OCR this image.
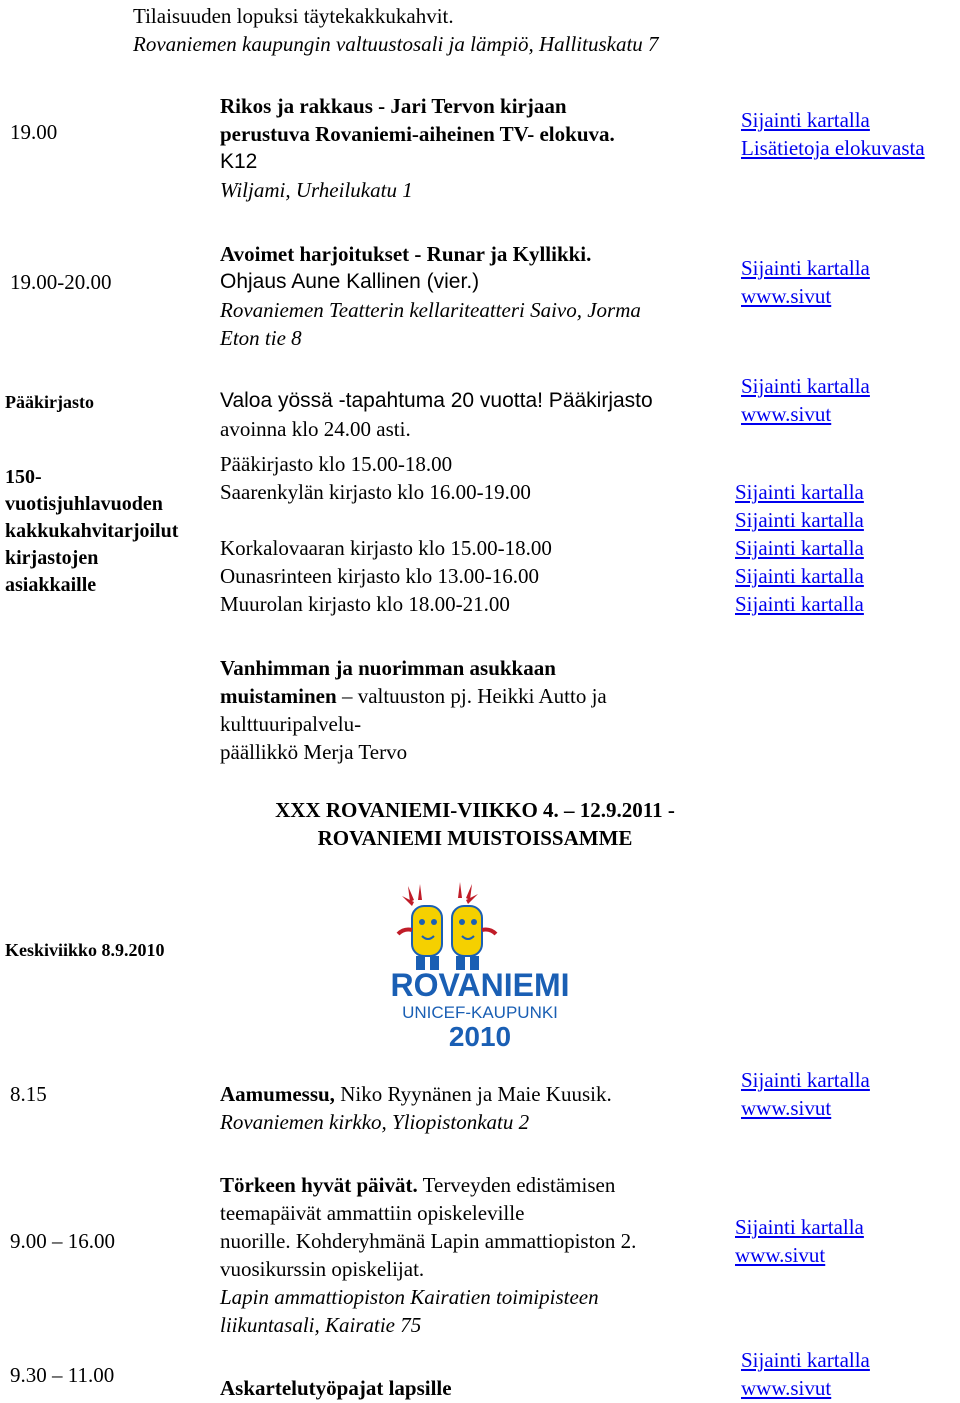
Tilaisuuden lopuksi täytekakkukahvit.
Rovaniemen kaupungin valtuustosali ja lämpiö, Hallituskatu 7
19.00
Rikos ja rakkaus - Jari Tervon kirjaan
perustuva Rovaniemi-aiheinen TV- elokuva.
K12
Wiljami, Urheilukatu 1
Sijainti kartalla
Lisätietoja elokuvasta
19.00-20.00
Avoimet harjoitukset - Runar ja Kyllikki.
Ohjaus Aune Kallinen (vier.)
Rovaniemen Teatterin kellariteatteri Saivo, Jorma
Eton tie 8
Sijainti kartalla
www.sivut
Pääkirjasto	Valoa yössä -tapahtuma 20 vuotta! Pääkirjasto
avoinna klo 24.00 asti.
Sijainti kartalla
www.sivut
150-
vuotisjuhlavuoden
kakkukahvitarjoilut
kirjastojen
asiakkaille
Pääkirjasto klo 15.00-18.00
Saarenkylän kirjasto klo 16.00-19.00
Korkalovaaran kirjasto klo 15.00-18.00
Ounasrinteen kirjasto klo 13.00-16.00
Muurolan kirjasto klo 18.00-21.00
Sijainti kartalla
Sijainti kartalla
Sijainti kartalla
Sijainti kartalla
Sijainti kartalla
Vanhimman ja nuorimman asukkaan
muistaminen – valtuuston pj. Heikki Autto ja
kulttuuripalvelu-
päällikkö Merja Tervo
XXX ROVANIEMI-VIIKKO 4. – 12.9.2011 -
ROVANIEMI MUISTOISSAMME
ROVANIEMI
UNICEF-KAUPUNKI
2010
Keskiviikko 8.9.2010
8.15	Aamumessu, Niko Ryynänen ja Maie Kuusik.
Rovaniemen kirkko, Yliopistonkatu 2
Sijainti kartalla
www.sivut
9.00 – 16.00
Törkeen hyvät päivät. Terveyden edistämisen
teemapäivät ammattiin opiskeleville
nuorille. Kohderyhmänä Lapin ammattiopiston 2.
vuosikurssin opiskelijat.
Lapin ammattiopiston Kairatien toimipisteen
liikuntasali, Kairatie 75
Sijainti kartalla
www.sivut
9.30 – 11.00
Askartelutyöpajat lapsille
Sijainti kartalla
www.sivut
